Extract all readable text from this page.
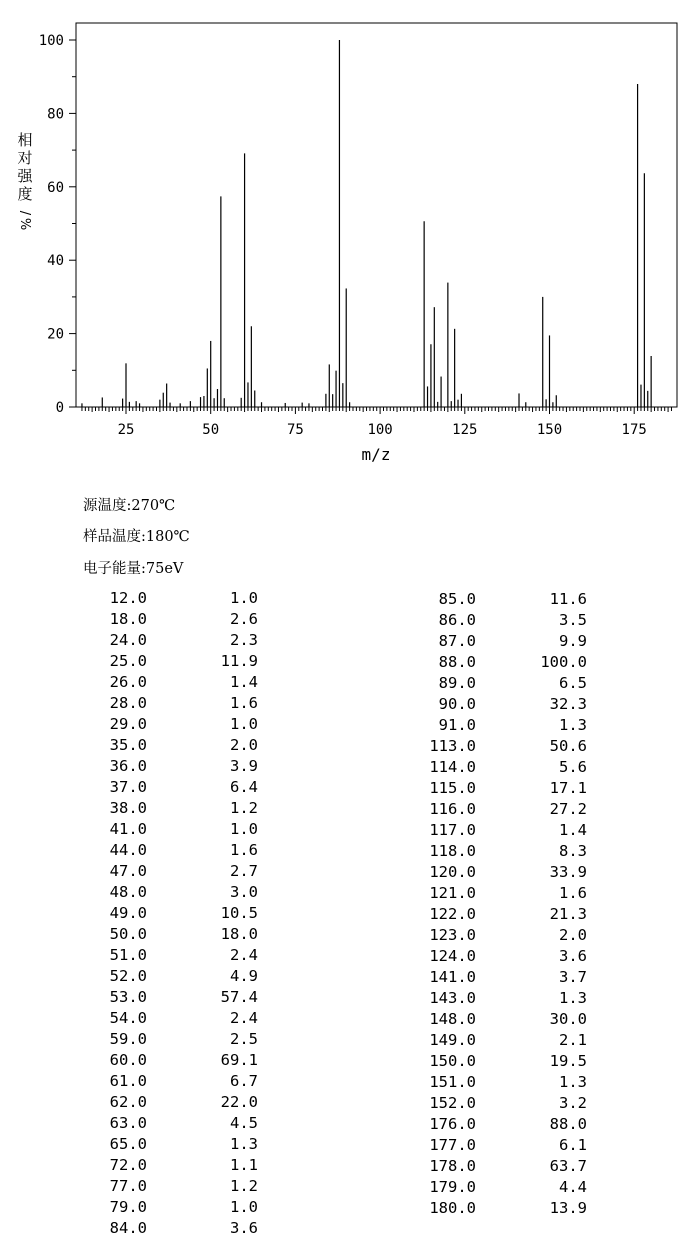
25	50	75	100	125	150	175
0
20
40
60
80
100
m/z
相
对
强
度
/
%
源温度:270℃
样品温度:180℃
电子能量:75eV
12.0	1.0
18.0	2.6
24.0	2.3
25.0	11.9
26.0	1.4
28.0	1.6
29.0	1.0
35.0	2.0
36.0	3.9
37.0	6.4
38.0	1.2
41.0	1.0
44.0	1.6
47.0	2.7
48.0	3.0
49.0	10.5
50.0	18.0
51.0	2.4
52.0	4.9
53.0	57.4
54.0	2.4
59.0	2.5
60.0	69.1
61.0	6.7
62.0	22.0
63.0	4.5
65.0	1.3
72.0	1.1
77.0	1.2
79.0	1.0
84.0	3.6
85.0	11.6
86.0	3.5
87.0	9.9
88.0	100.0
89.0	6.5
90.0	32.3
91.0	1.3
113.0	50.6
114.0	5.6
115.0	17.1
116.0	27.2
117.0	1.4
118.0	8.3
120.0	33.9
121.0	1.6
122.0	21.3
123.0	2.0
124.0	3.6
141.0	3.7
143.0	1.3
148.0	30.0
149.0	2.1
150.0	19.5
151.0	1.3
152.0	3.2
176.0	88.0
177.0	6.1
178.0	63.7
179.0	4.4
180.0	13.9
